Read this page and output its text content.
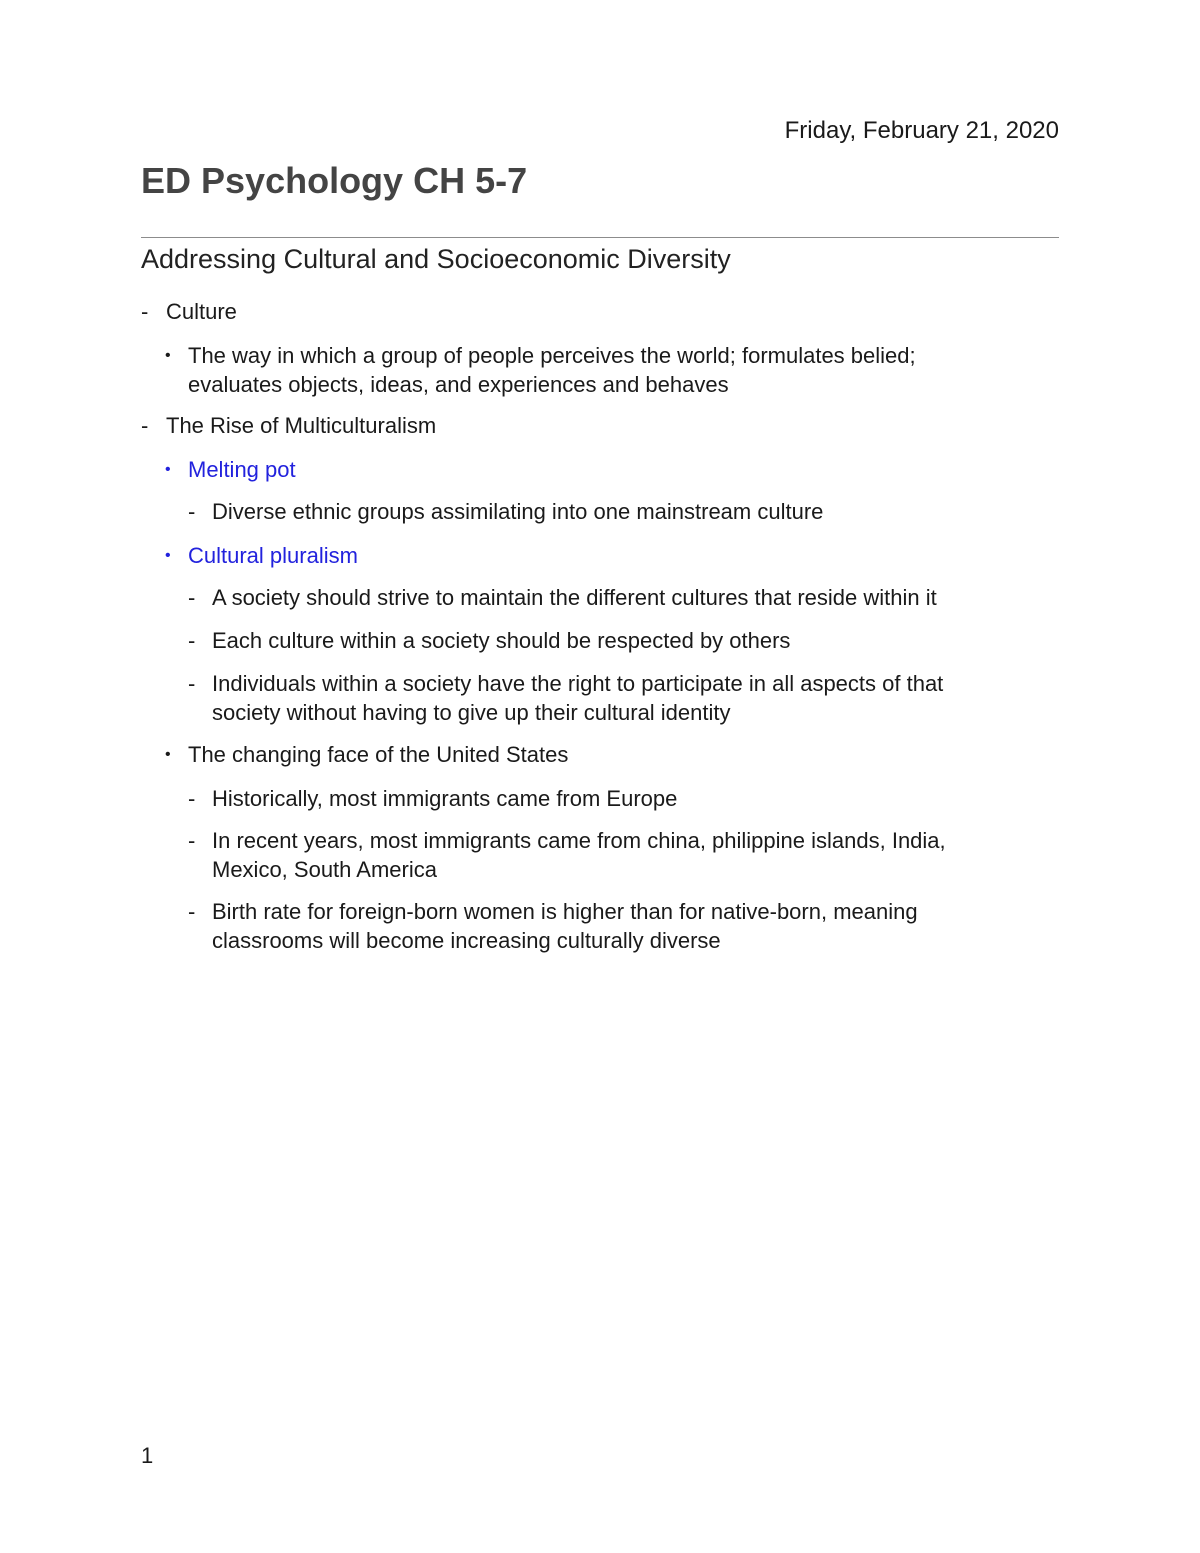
Friday, February 21, 2020
ED Psychology CH 5-7
Addressing Cultural and Socioeconomic Diversity
-
Culture
•
The way in which a group of people perceives the world; formulates belied;
evaluates objects, ideas, and experiences and behaves
-
The Rise of Multiculturalism
•
Melting pot
-
Diverse ethnic groups assimilating into one mainstream culture
•
Cultural pluralism
-
A society should strive to maintain the different cultures that reside within it
-
Each culture within a society should be respected by others
-
Individuals within a society have the right to participate in all aspects of that
society without having to give up their cultural identity
•
The changing face of the United States
-
Historically, most immigrants came from Europe
-
In recent years, most immigrants came from china, philippine islands, India,
Mexico, South America
-
Birth rate for foreign-born women is higher than for native-born, meaning
classrooms will become increasing culturally diverse
1
